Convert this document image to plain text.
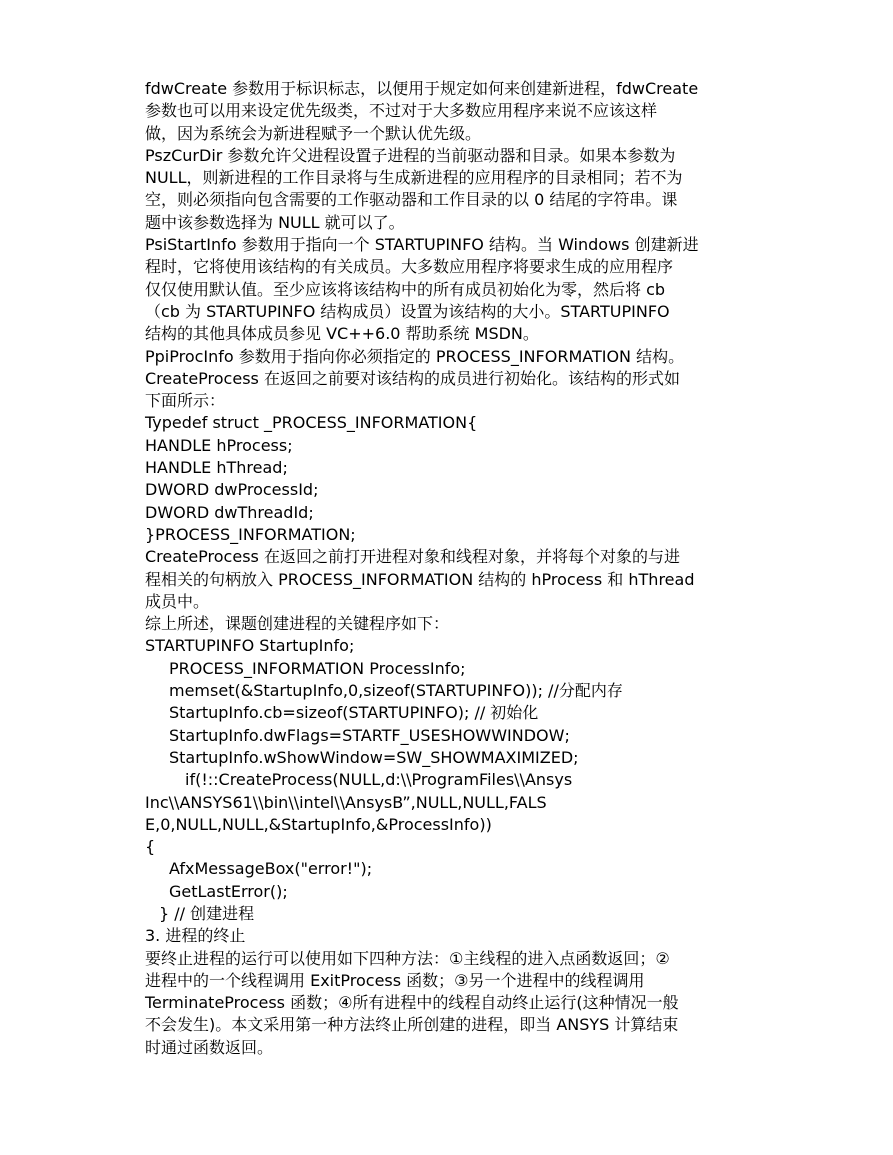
fdwCreate 参数用于标识标志，以便用于规定如何来创建新进程，fdwCreate
参数也可以用来设定优先级类，不过对于大多数应用程序来说不应该这样
做，因为系统会为新进程赋予一个默认优先级。
PszCurDir 参数允许父进程设置子进程的当前驱动器和目录。如果本参数为
NULL，则新进程的工作目录将与生成新进程的应用程序的目录相同；若不为
空，则必须指向包含需要的工作驱动器和工作目录的以 0 结尾的字符串。课
题中该参数选择为 NULL 就可以了。
PsiStartInfo 参数用于指向一个 STARTUPINFO 结构。当 Windows 创建新进
程时，它将使用该结构的有关成员。大多数应用程序将要求生成的应用程序
仅仅使用默认值。至少应该将该结构中的所有成员初始化为零，然后将 cb
（cb 为 STARTUPINFO 结构成员）设置为该结构的大小。STARTUPINFO
结构的其他具体成员参见 VC++6.0 帮助系统 MSDN。
PpiProcInfo 参数用于指向你必须指定的 PROCESS_INFORMATION 结构。
CreateProcess 在返回之前要对该结构的成员进行初始化。该结构的形式如
下面所示：
Typedef struct _PROCESS_INFORMATION{
HANDLE hProcess;
HANDLE hThread;
DWORD dwProcessId;
DWORD dwThreadId;
}PROCESS_INFORMATION;
CreateProcess 在返回之前打开进程对象和线程对象，并将每个对象的与进
程相关的句柄放入 PROCESS_INFORMATION 结构的 hProcess 和 hThread
成员中。
综上所述，课题创建进程的关键程序如下：
STARTUPINFO StartupInfo;
PROCESS_INFORMATION ProcessInfo;
memset(&StartupInfo,0,sizeof(STARTUPINFO)); //分配内存
StartupInfo.cb=sizeof(STARTUPINFO); // 初始化
StartupInfo.dwFlags=STARTF_USESHOWWINDOW;
StartupInfo.wShowWindow=SW_SHOWMAXIMIZED;
if(!::CreateProcess(NULL,d:\\ProgramFiles\\Ansys
Inc\\ANSYS61\\bin\\intel\\AnsysB”,NULL,NULL,FALS
E,0,NULL,NULL,&StartupInfo,&ProcessInfo))
{
AfxMessageBox("error!");
GetLastError();
} // 创建进程
3. 进程的终止
要终止进程的运行可以使用如下四种方法：①主线程的进入点函数返回；②
进程中的一个线程调用 ExitProcess 函数；③另一个进程中的线程调用
TerminateProcess 函数；④所有进程中的线程自动终止运行(这种情况一般
不会发生)。本文采用第一种方法终止所创建的进程，即当 ANSYS 计算结束
时通过函数返回。
